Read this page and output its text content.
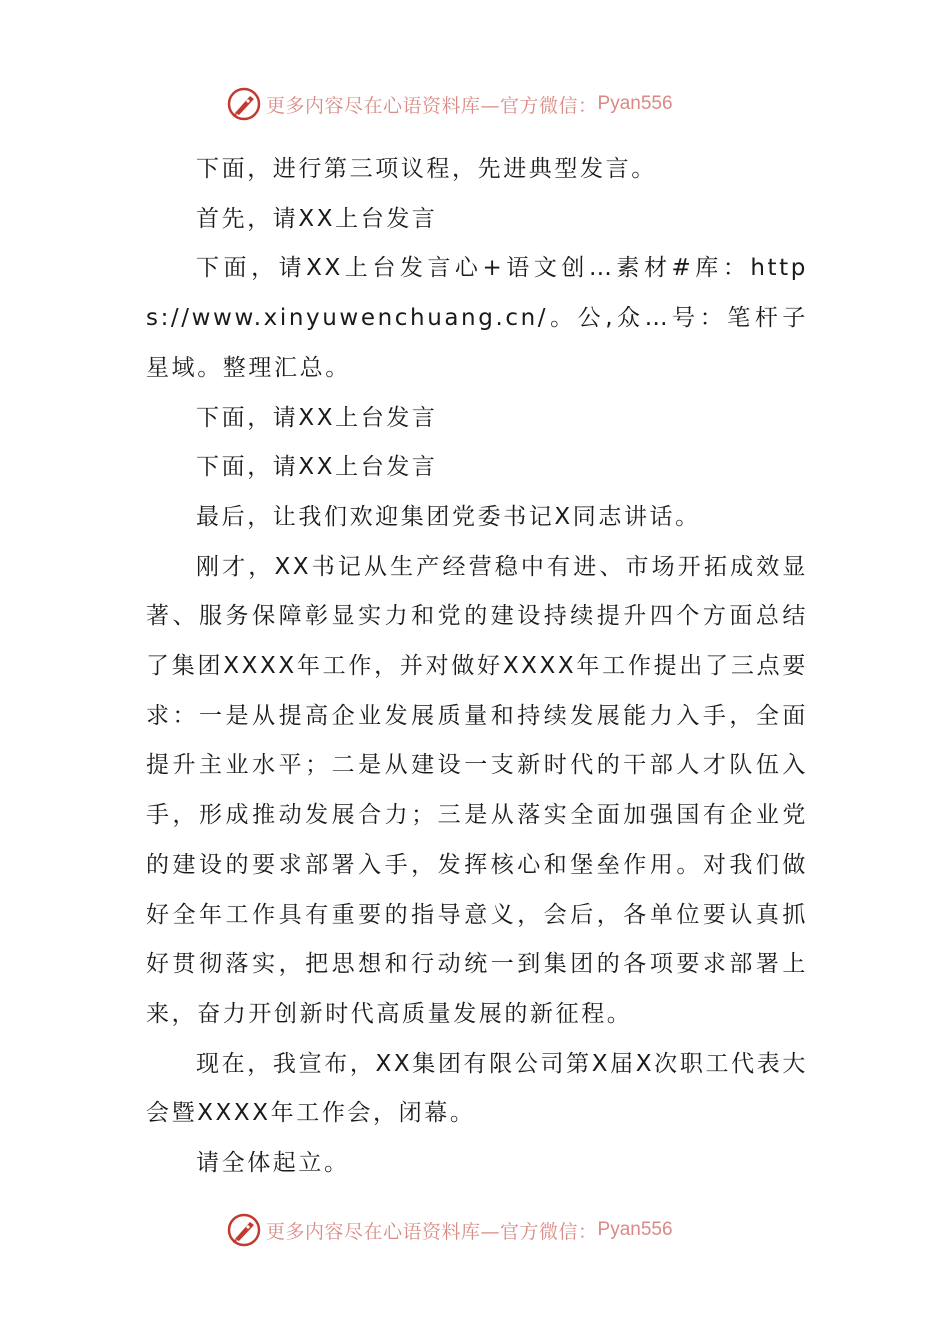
更多内容尽在心语资料库—官方微信： Pyan556

下面，进行第三项议程，先进典型发言。

首先，请XX上台发言

下面，请XX上台发言心+语文创…素材#库：https://www.xinyuwenchuang.cn/。公,众…号：笔杆子星域。整理汇总。

下面，请XX上台发言

下面，请XX上台发言

最后，让我们欢迎集团党委书记X同志讲话。

刚才，XX书记从生产经营稳中有进、市场开拓成效显著、服务保障彰显实力和党的建设持续提升四个方面总结了集团XXXX年工作，并对做好XXXX年工作提出了三点要求：一是从提高企业发展质量和持续发展能力入手，全面提升主业水平；二是从建设一支新时代的干部人才队伍入手，形成推动发展合力；三是从落实全面加强国有企业党的建设的要求部署入手，发挥核心和堡垒作用。对我们做好全年工作具有重要的指导意义，会后，各单位要认真抓好贯彻落实，把思想和行动统一到集团的各项要求部署上来，奋力开创新时代高质量发展的新征程。

现在，我宣布，XX集团有限公司第X届X次职工代表大会暨XXXX年工作会，闭幕。

请全体起立。

更多内容尽在心语资料库—官方微信： Pyan556
